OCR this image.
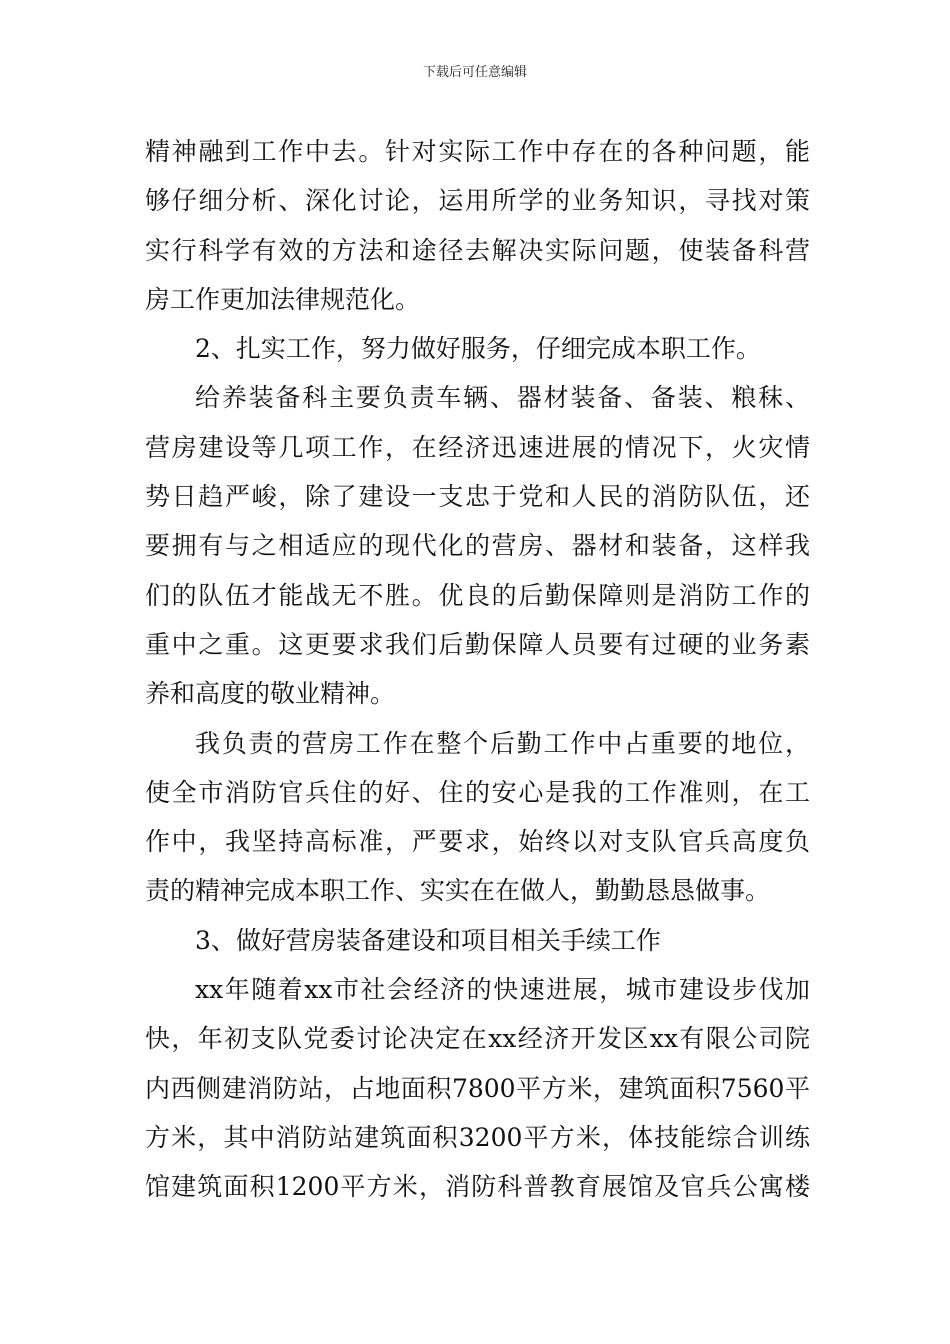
下载后可任意编辑
精神融到工作中去。针对实际工作中存在的各种问题，能
够仔细分析、深化讨论，运用所学的业务知识，寻找对策
实行科学有效的方法和途径去解决实际问题，使装备科营
房工作更加法律规范化。
2、扎实工作，努力做好服务，仔细完成本职工作。
给养装备科主要负责车辆、器材装备、备装、粮秣、
营房建设等几项工作，在经济迅速进展的情况下，火灾情
势日趋严峻，除了建设一支忠于党和人民的消防队伍，还
要拥有与之相适应的现代化的营房、器材和装备，这样我
们的队伍才能战无不胜。优良的后勤保障则是消防工作的
重中之重。这更要求我们后勤保障人员要有过硬的业务素
养和高度的敬业精神。
我负责的营房工作在整个后勤工作中占重要的地位，
使全市消防官兵住的好、住的安心是我的工作准则，在工
作中，我坚持高标准，严要求，始终以对支队官兵高度负
责的精神完成本职工作、实实在在做人，勤勤恳恳做事。
3、做好营房装备建设和项目相关手续工作
xx年随着xx市社会经济的快速进展，城市建设步伐加
快，年初支队党委讨论决定在xx经济开发区xx有限公司院
内西侧建消防站，占地面积7800平方米，建筑面积7560平
方米，其中消防站建筑面积3200平方米，体技能综合训练
馆建筑面积1200平方米，消防科普教育展馆及官兵公寓楼
